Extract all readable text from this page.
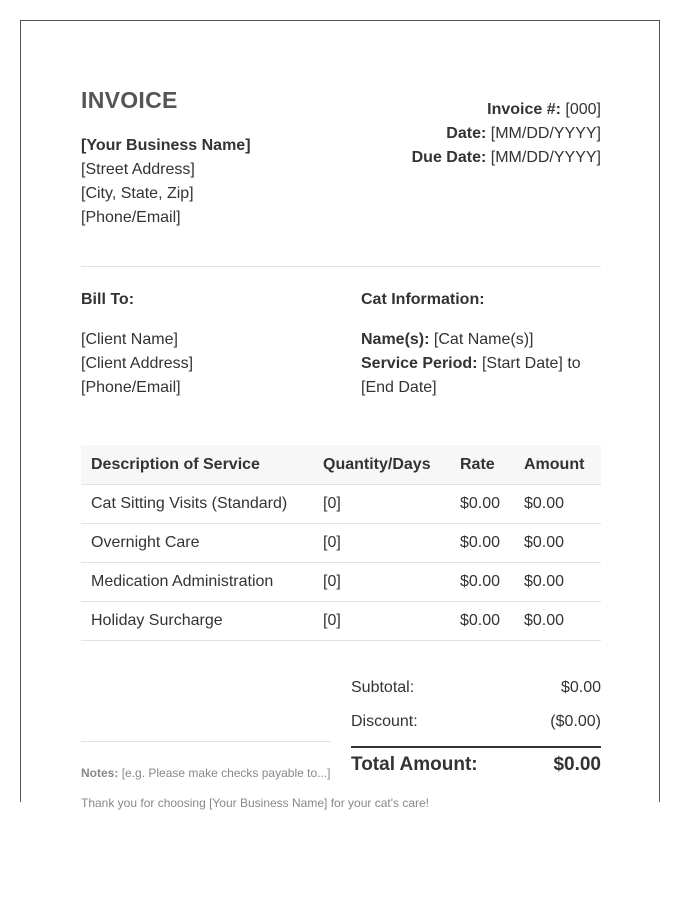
INVOICE
[Your Business Name]
[Street Address]
[City, State, Zip]
[Phone/Email]
Invoice #: [000]
Date: [MM/DD/YYYY]
Due Date: [MM/DD/YYYY]
Bill To:
[Client Name]
[Client Address]
[Phone/Email]
Cat Information:
Name(s): [Cat Name(s)]
Service Period: [Start Date] to
[End Date]
Description of Service	Quantity/Days	Rate	Amount
Cat Sitting Visits (Standard)	[0]	$0.00	$0.00
Overnight Care	[0]	$0.00	$0.00
Medication Administration	[0]	$0.00	$0.00
Holiday Surcharge	[0]	$0.00	$0.00
Subtotal:	$0.00
Discount:	($0.00)
Total Amount:	$0.00
Notes: [e.g. Please make checks payable to...]
Thank you for choosing [Your Business Name] for your cat's care!
